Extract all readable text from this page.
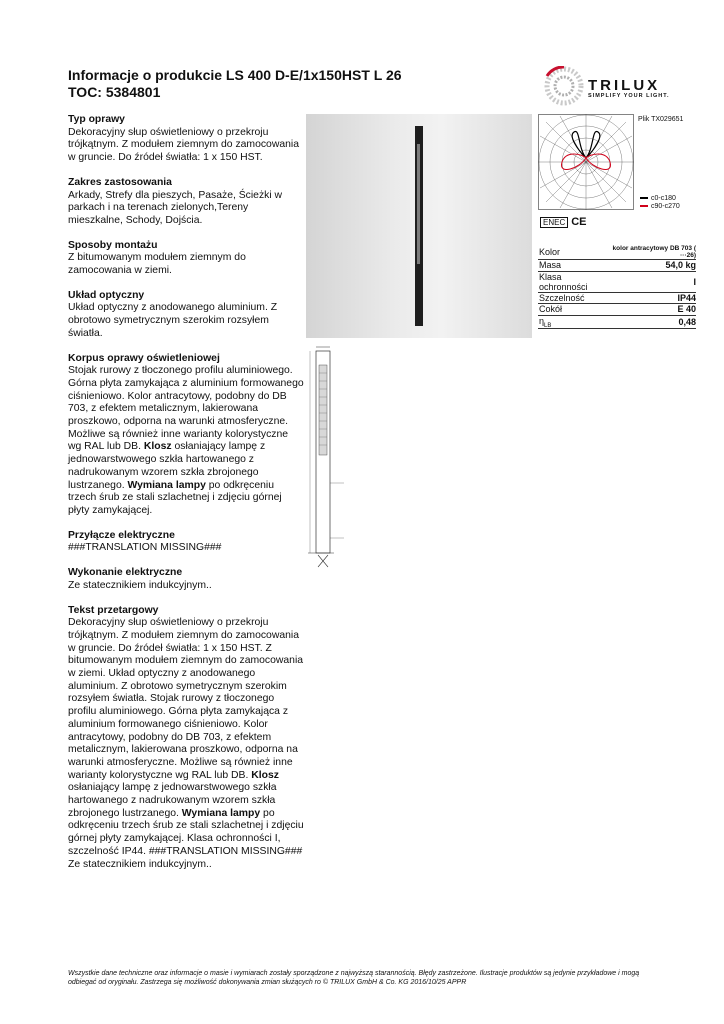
Informacje o produkcie LS 400 D-E/1x150HST L 26
TOC: 5384801	TRILUX
SIMPLIFY YOUR LIGHT.
Typ oprawy

Dekoracyjny słup oświetleniowy o przekroju trójkątnym. Z modułem ziemnym do zamocowania w gruncie. Do źródeł światła: 1 x 150 HST.

Zakres zastosowania

Arkady, Strefy dla pieszych, Pasaże, Ścieżki w parkach i na terenach zielonych,Tereny mieszkalne, Schody, Dojścia.

Sposoby montażu

Z bitumowanym modułem ziemnym do zamocowania w ziemi.

Układ optyczny

Układ optyczny z anodowanego aluminium. Z obrotowo symetrycznym szerokim rozsyłem światła.

Korpus oprawy oświetleniowej

Stojak rurowy z tłoczonego profilu aluminiowego. Górna płyta zamykająca z aluminium formowanego ciśnieniowo. Kolor antracytowy, podobny do DB 703, z efektem metalicznym, lakierowana proszkowo, odporna na warunki atmosferyczne. Możliwe są również inne warianty kolorystyczne wg RAL lub DB. Klosz osłaniający lampę z jednowarstwowego szkła hartowanego z nadrukowanym wzorem szkła zbrojonego lustrzanego. Wymiana lampy po odkręceniu trzech śrub ze stali szlachetnej i zdjęciu górnej płyty zamykającej.

Przyłącze elektryczne

###TRANSLATION MISSING###

Wykonanie elektryczne

Ze statecznikiem indukcyjnym..

Tekst przetargowy

Dekoracyjny słup oświetleniowy o przekroju trójkątnym. Z modułem ziemnym do zamocowania w gruncie. Do źródeł światła: 1 x 150 HST. Z bitumowanym modułem ziemnym do zamocowania w ziemi. Układ optyczny z anodowanego aluminium. Z obrotowo symetrycznym szerokim rozsyłem światła. Stojak rurowy z tłoczonego profilu aluminiowego. Górna płyta zamykająca z aluminium formowanego ciśnieniowo. Kolor antracytowy, podobny do DB 703, z efektem metalicznym, lakierowana proszkowo, odporna na warunki atmosferyczne. Możliwe są również inne warianty kolorystyczne wg RAL lub DB. Klosz osłaniający lampę z jednowarstwowego szkła hartowanego z nadrukowanym wzorem szkła zbrojonego lustrzanego. Wymiana lampy po odkręceniu trzech śrub ze stali szlachetnej i zdjęciu górnej płyty zamykającej. Klasa ochronności I, szczelność IP44. ###TRANSLATION MISSING### Ze statecznikiem indukcyjnym..

Plik TX029651
c0-c180
c90-c270
ENEC CE
Kolor	kolor antracytowy DB 703 ( ···26)
Masa	54,0 kg
Klasa ochronności	I
Szczelność	IP44
Cokół	E 40
$\eta_{LB}$	0,48
Wszystkie dane techniczne oraz informacje o masie i wymiarach zostały sporządzone z najwyższą starannością. Błędy zastrzeżone. Ilustracje produktów są jedynie przykładowe i mogą odbiegać od oryginału. Zastrzega się możliwość dokonywania zmian służących ro © TRILUX GmbH & Co. KG 2016/10/25 APPR
